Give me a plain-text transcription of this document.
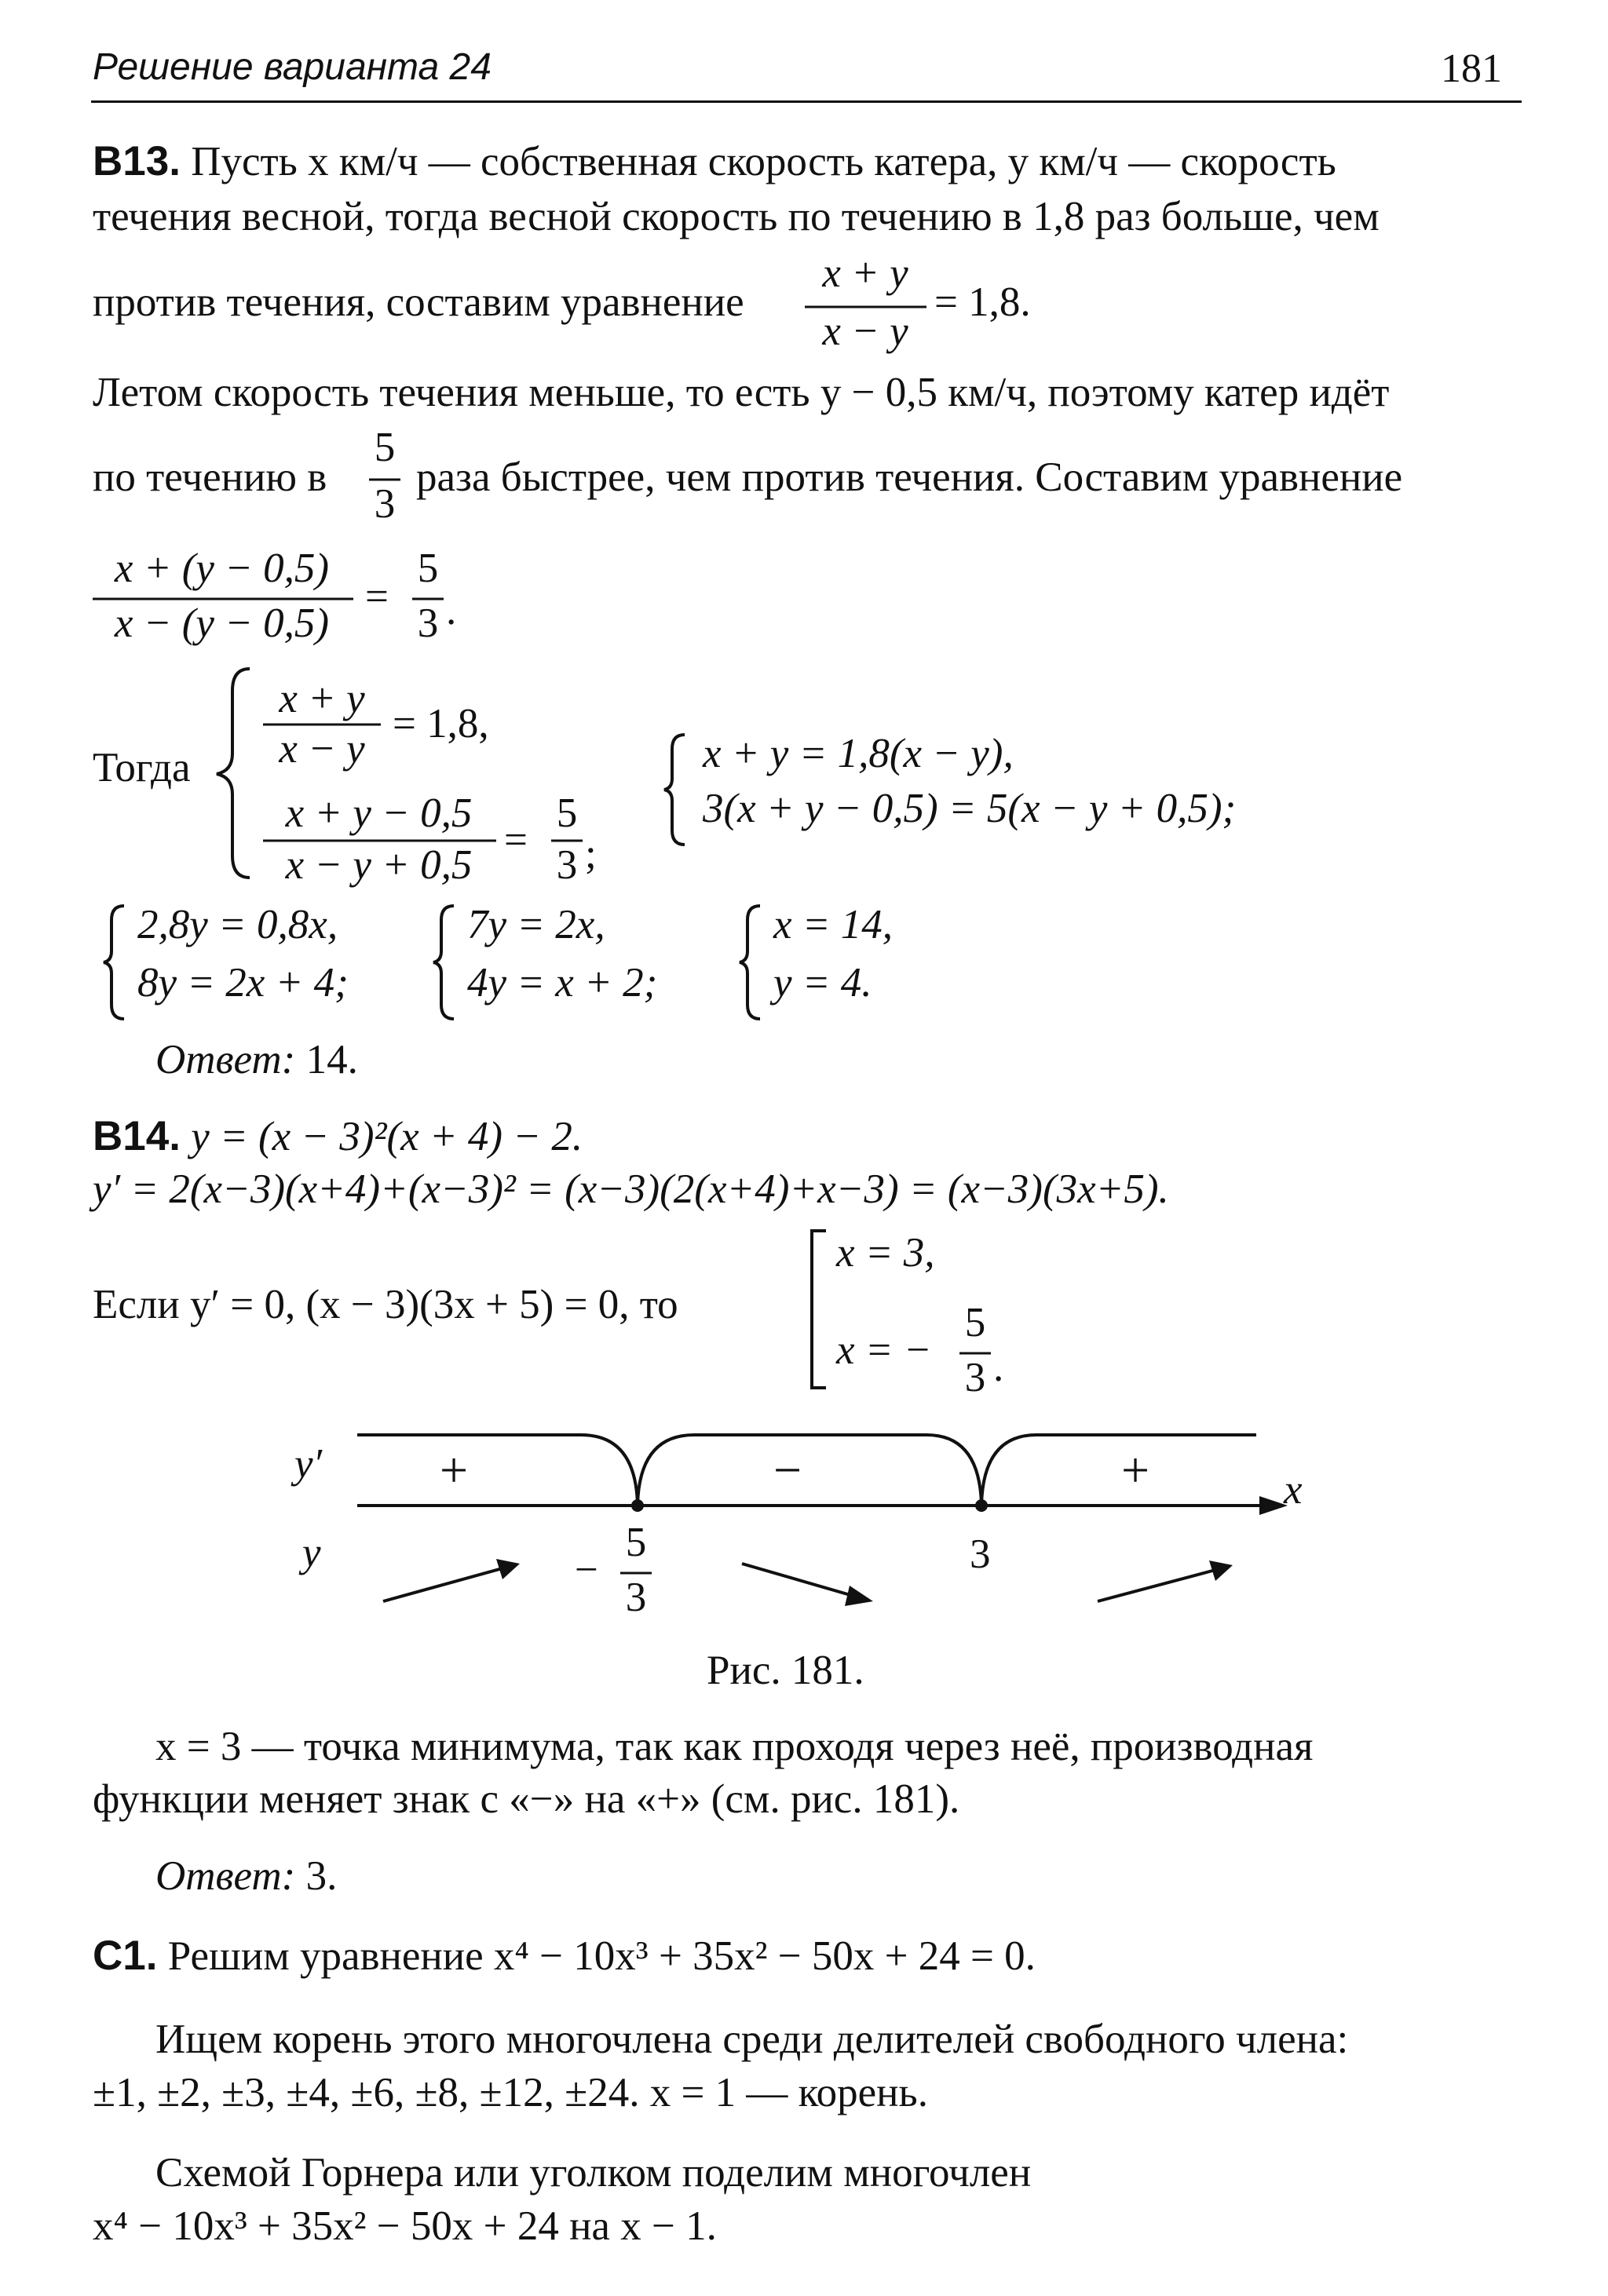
Решение варианта 24	181
В13. Пусть x км/ч — собственная скорость катера, y км/ч — скорость
течения весной, тогда весной скорость по течению в 1,8 раз больше, чем
против течения, составим уравнение
x + y
x − y
= 1,8.
Летом скорость течения меньше, то есть y − 0,5 км/ч, поэтому катер идёт
по течению в
5
3
раза быстрее, чем против течения. Составим уравнение
x + (y − 0,5)
x − (y − 0,5)
=
5
3 .
Тогда
x + y
x − y
= 1,8,
x + y − 0,5
x − y + 0,5
=
5
3 ;
x + y = 1,8(x − y),
3(x + y − 0,5) = 5(x − y + 0,5);
2,8y = 0,8x,
8y = 2x + 4;
7y = 2x,
4y = x + 2;
x = 14,
y = 4.
Ответ: 14.
В14. y = (x − 3)²(x + 4) − 2.
y′ = 2(x−3)(x+4)+(x−3)² = (x−3)(2(x+4)+x−3) = (x−3)(3x+5).
Если y′ = 0, (x − 3)(3x + 5) = 0, то
x = 3,
x = −
5
3 .
y′
y
x
+	−	+
−
5
3
3
Рис. 181.
x = 3 — точка минимума, так как проходя через неё, производная
функции меняет знак с «−» на «+» (см. рис. 181).
Ответ: 3.
С1. Решим уравнение x⁴ − 10x³ + 35x² − 50x + 24 = 0.
Ищем корень этого многочлена среди делителей свободного члена:
±1, ±2, ±3, ±4, ±6, ±8, ±12, ±24. x = 1 — корень.
Схемой Горнера или уголком поделим многочлен
x⁴ − 10x³ + 35x² − 50x + 24 на x − 1.
